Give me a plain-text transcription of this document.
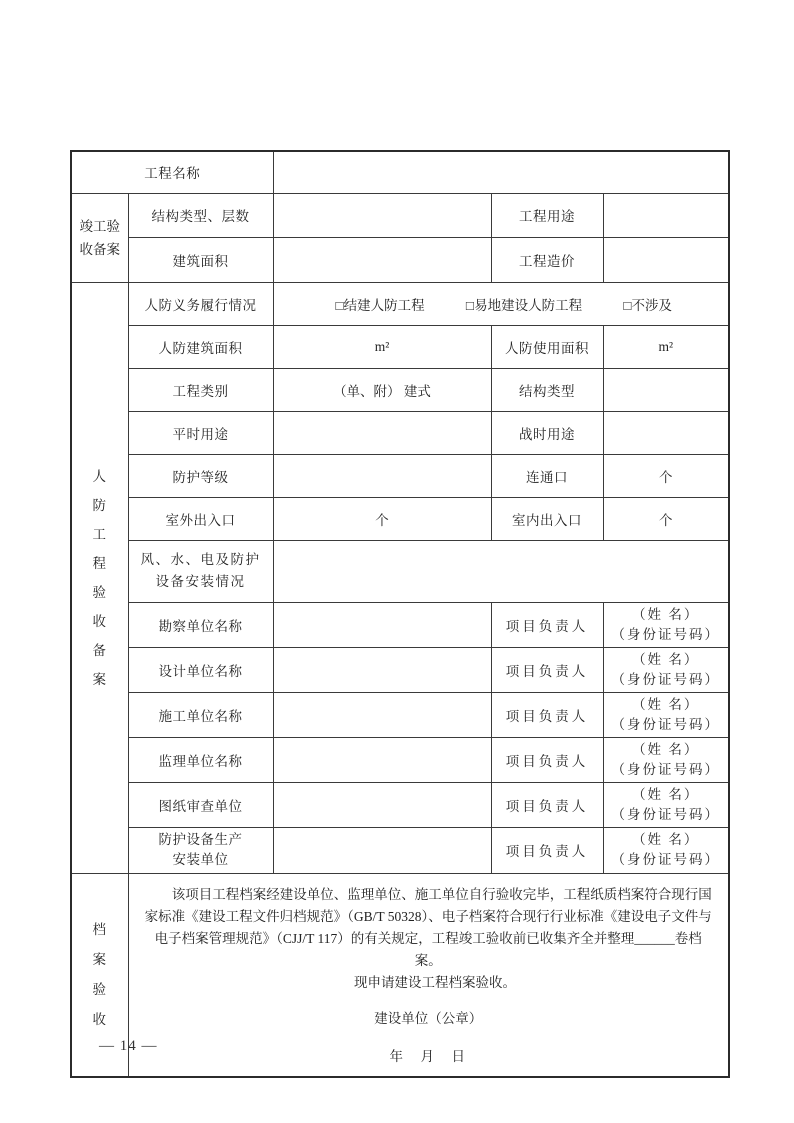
工程名称				

竣工验收备案	结构类型、层数		工程用途	

	建筑面积		工程造价	

人防工程验收备案	人防义务履行情况	□结建人防工程 □易地建设人防工程 □不涉及		

	人防建筑面积	m²	人防使用面积	m²

	工程类别	（单、附） 建式	结构类型	

	平时用途		战时用途	

	防护等级		连通口	个

	室外出入口	个	室内出入口	个

	风、水、电及防护设备安装情况			

	勘察单位名称		项目负责人	（姓 名）
（身份证号码）

	设计单位名称		项目负责人	（姓 名）
（身份证号码）

	施工单位名称		项目负责人	（姓 名）
（身份证号码）

	监理单位名称		项目负责人	（姓 名）
（身份证号码）

	图纸审查单位		项目负责人	（姓 名）
（身份证号码）

	防护设备生产安装单位		项目负责人	（姓 名）
（身份证号码）

档案验收	该项目工程档案经建设单位、监理单位、施工单位自行验收完毕，工程纸质档案符合现行国家标准《建设工程文件归档规范》（GB/T 50328）、电子档案符合现行行业标准《建设电子文件与电子档案管理规范》（CJJ/T 117）的有关规定，工程竣工验收前已收集齐全并整理______卷档案。

现申请建设工程档案验收。

建设单位（公章）
年　月　日			
— 14 —
